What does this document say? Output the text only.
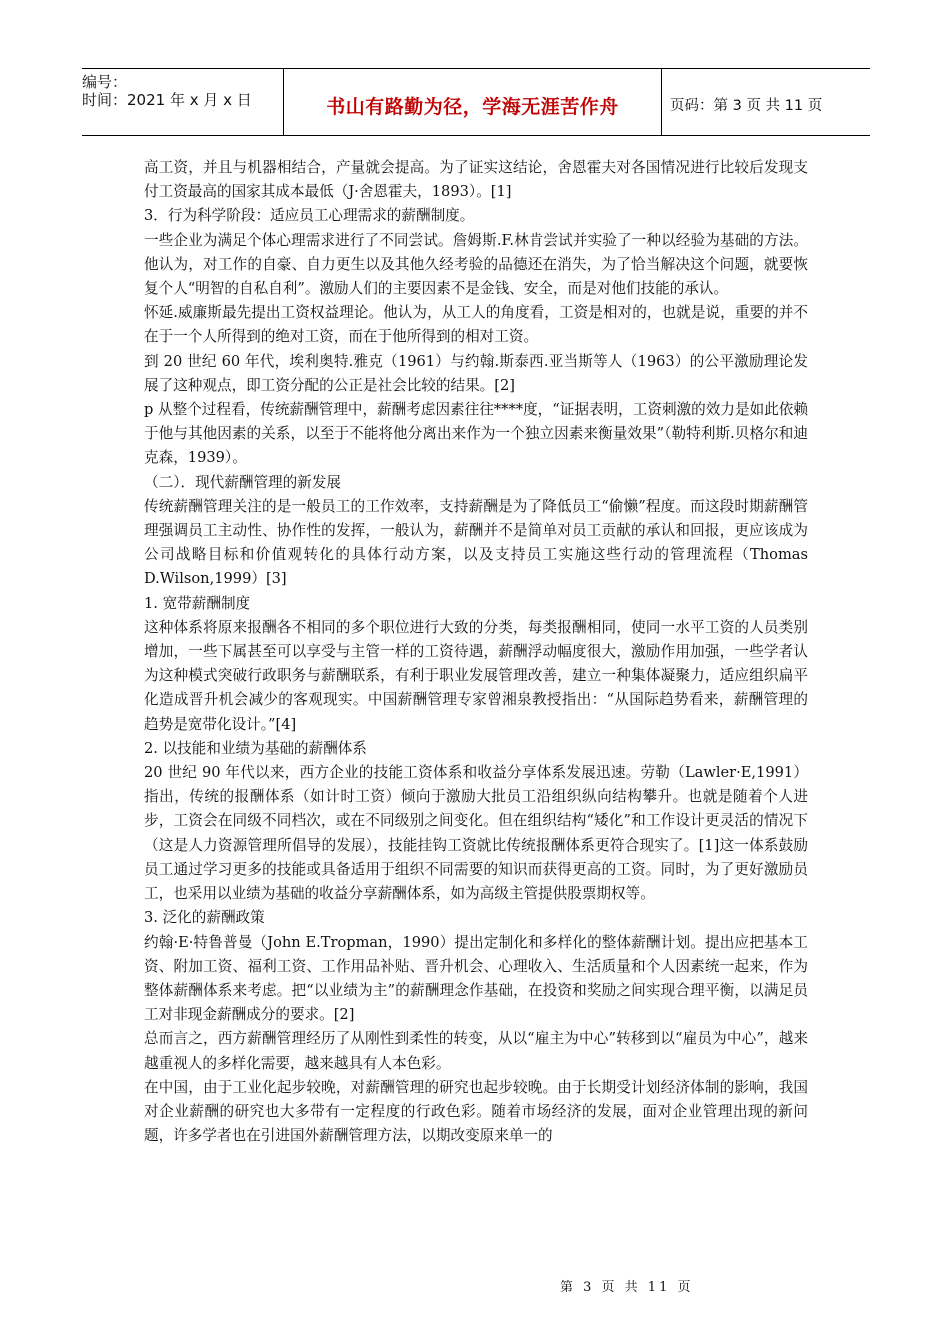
编号：
时间：2021 年 x 月 x 日	书山有路勤为径，学海无涯苦作舟	页码：第 3 页 共 11 页

高工资，并且与机器相结合，产量就会提高。为了证实这结论，舍恩霍夫对各国情况进行比较后发现支付工资最高的国家其成本最低（J·舍恩霍夫，1893）。[1]

3．行为科学阶段：适应员工心理需求的薪酬制度。

一些企业为满足个体心理需求进行了不同尝试。詹姆斯.F.林肯尝试并实验了一种以经验为基础的方法。他认为，对工作的自豪、自力更生以及其他久经考验的品德还在消失，为了恰当解决这个问题，就要恢复个人“明智的自私自利”。激励人们的主要因素不是金钱、安全，而是对他们技能的承认。

怀延.威廉斯最先提出工资权益理论。他认为，从工人的角度看，工资是相对的，也就是说，重要的并不在于一个人所得到的绝对工资，而在于他所得到的相对工资。

到 20 世纪 60 年代，埃利奥特.雅克（1961）与约翰.斯泰西.亚当斯等人（1963）的公平激励理论发展了这种观点，即工资分配的公正是社会比较的结果。[2]

p 从整个过程看，传统薪酬管理中，薪酬考虑因素往往****度，“证据表明，工资刺激的效力是如此依赖于他与其他因素的关系，以至于不能将他分离出来作为一个独立因素来衡量效果”（勒特利斯.贝格尔和迪克森，1939）。

（二）．现代薪酬管理的新发展

传统薪酬管理关注的是一般员工的工作效率，支持薪酬是为了降低员工“偷懒”程度。而这段时期薪酬管理强调员工主动性、协作性的发挥，一般认为，薪酬并不是简单对员工贡献的承认和回报，更应该成为公司战略目标和价值观转化的具体行动方案，以及支持员工实施这些行动的管理流程（Thomas D.Wilson,1999）[3]

1. 宽带薪酬制度

这种体系将原来报酬各不相同的多个职位进行大致的分类，每类报酬相同，使同一水平工资的人员类别增加，一些下属甚至可以享受与主管一样的工资待遇，薪酬浮动幅度很大，激励作用加强，一些学者认为这种模式突破行政职务与薪酬联系，有利于职业发展管理改善，建立一种集体凝聚力，适应组织扁平化造成晋升机会减少的客观现实。中国薪酬管理专家曾湘泉教授指出：“从国际趋势看来，薪酬管理的趋势是宽带化设计。”[4]

2. 以技能和业绩为基础的薪酬体系

20 世纪 90 年代以来，西方企业的技能工资体系和收益分享体系发展迅速。劳勒（Lawler·E,1991）指出，传统的报酬体系（如计时工资）倾向于激励大批员工沿组织纵向结构攀升。也就是随着个人进步，工资会在同级不同档次，或在不同级别之间变化。但在组织结构“矮化”和工作设计更灵活的情况下（这是人力资源管理所倡导的发展），技能挂钩工资就比传统报酬体系更符合现实了。[1]这一体系鼓励员工通过学习更多的技能或具备适用于组织不同需要的知识而获得更高的工资。同时，为了更好激励员工，也采用以业绩为基础的收益分享薪酬体系，如为高级主管提供股票期权等。

3. 泛化的薪酬政策

约翰·E·特鲁普曼（John E.Tropman，1990）提出定制化和多样化的整体薪酬计划。提出应把基本工资、附加工资、福利工资、工作用品补贴、晋升机会、心理收入、生活质量和个人因素统一起来，作为整体薪酬体系来考虑。把“以业绩为主”的薪酬理念作基础，在投资和奖励之间实现合理平衡，以满足员工对非现金薪酬成分的要求。[2]

总而言之，西方薪酬管理经历了从刚性到柔性的转变，从以“雇主为中心”转移到以“雇员为中心”，越来越重视人的多样化需要，越来越具有人本色彩。

在中国，由于工业化起步较晚，对薪酬管理的研究也起步较晚。由于长期受计划经济体制的影响，我国对企业薪酬的研究也大多带有一定程度的行政色彩。随着市场经济的发展，面对企业管理出现的新问题，许多学者也在引进国外薪酬管理方法，以期改变原来单一的

第 3 页 共 11 页
